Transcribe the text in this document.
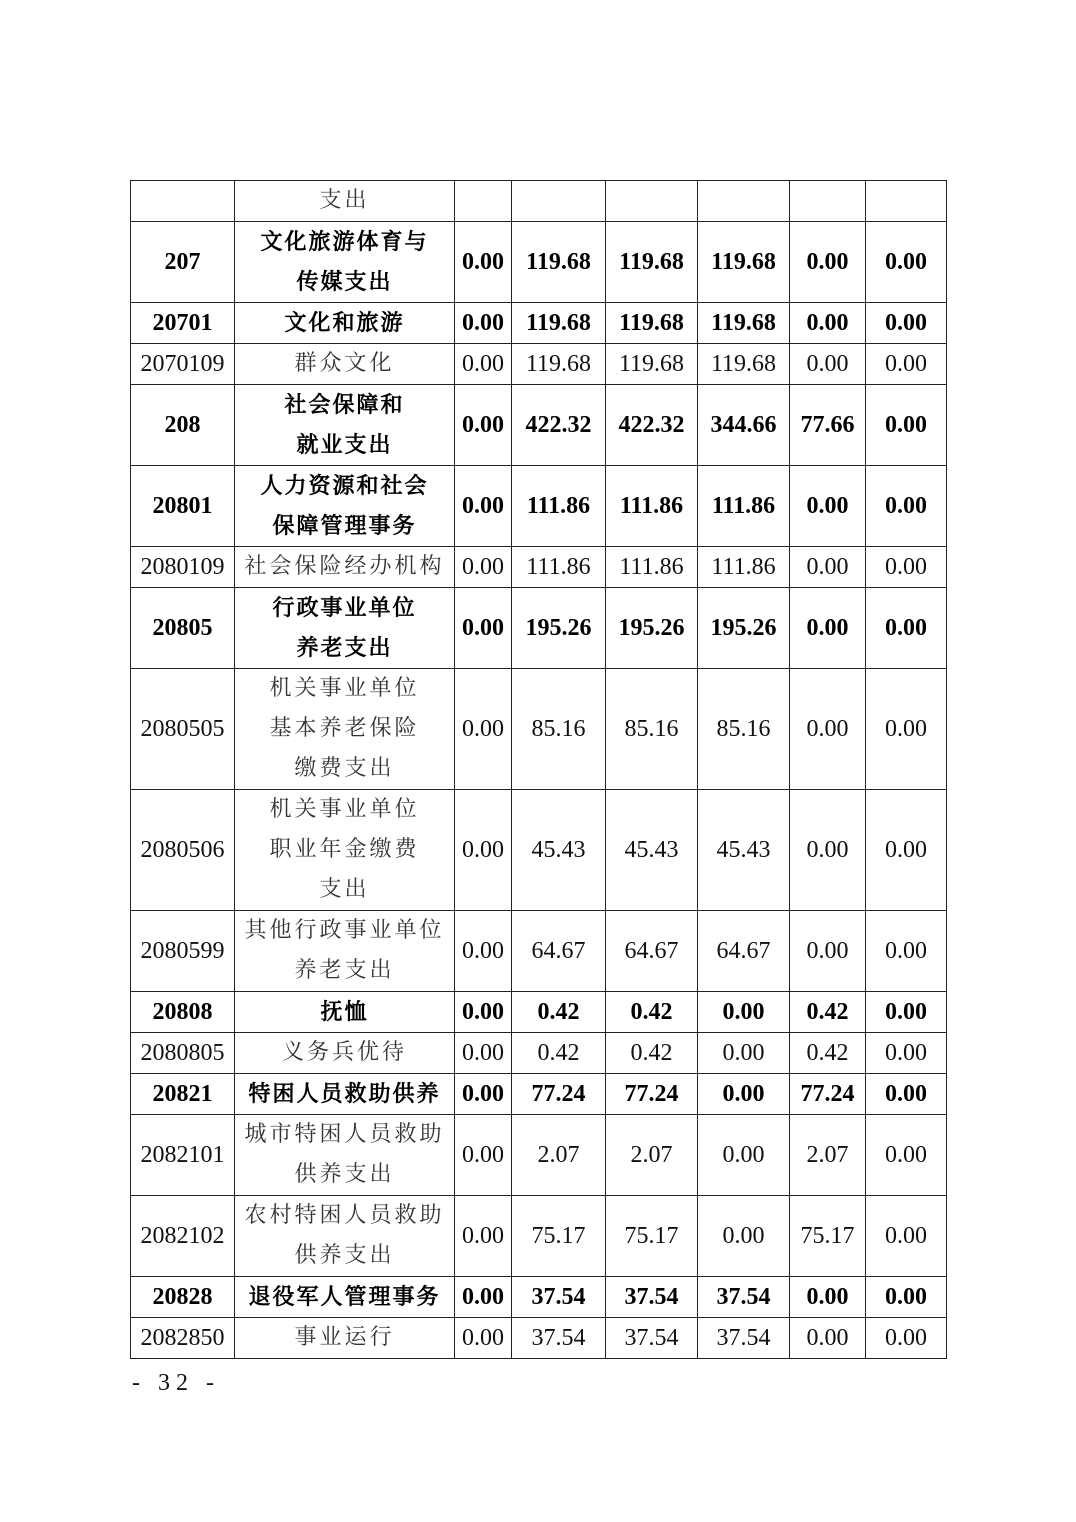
	支出						

207	文化旅游体育与
传媒支出	0.00	119.68	119.68	119.68	0.00	0.00
20701	文化和旅游	0.00	119.68	119.68	119.68	0.00	0.00
2070109	群众文化	0.00	119.68	119.68	119.68	0.00	0.00
208	社会保障和
就业支出	0.00	422.32	422.32	344.66	77.66	0.00
20801	人力资源和社会
保障管理事务	0.00	111.86	111.86	111.86	0.00	0.00
2080109	社会保险经办机构	0.00	111.86	111.86	111.86	0.00	0.00
20805	行政事业单位
养老支出	0.00	195.26	195.26	195.26	0.00	0.00
2080505	机关事业单位
基本养老保险
缴费支出	0.00	85.16	85.16	85.16	0.00	0.00
2080506	机关事业单位
职业年金缴费
支出	0.00	45.43	45.43	45.43	0.00	0.00
2080599	其他行政事业单位
养老支出	0.00	64.67	64.67	64.67	0.00	0.00
20808	抚恤	0.00	0.42	0.42	0.00	0.42	0.00
2080805	义务兵优待	0.00	0.42	0.42	0.00	0.42	0.00
20821	特困人员救助供养	0.00	77.24	77.24	0.00	77.24	0.00
2082101	城市特困人员救助
供养支出	0.00	2.07	2.07	0.00	2.07	0.00
2082102	农村特困人员救助
供养支出	0.00	75.17	75.17	0.00	75.17	0.00
20828	退役军人管理事务	0.00	37.54	37.54	37.54	0.00	0.00
2082850	事业运行	0.00	37.54	37.54	37.54	0.00	0.00
- 32 -
